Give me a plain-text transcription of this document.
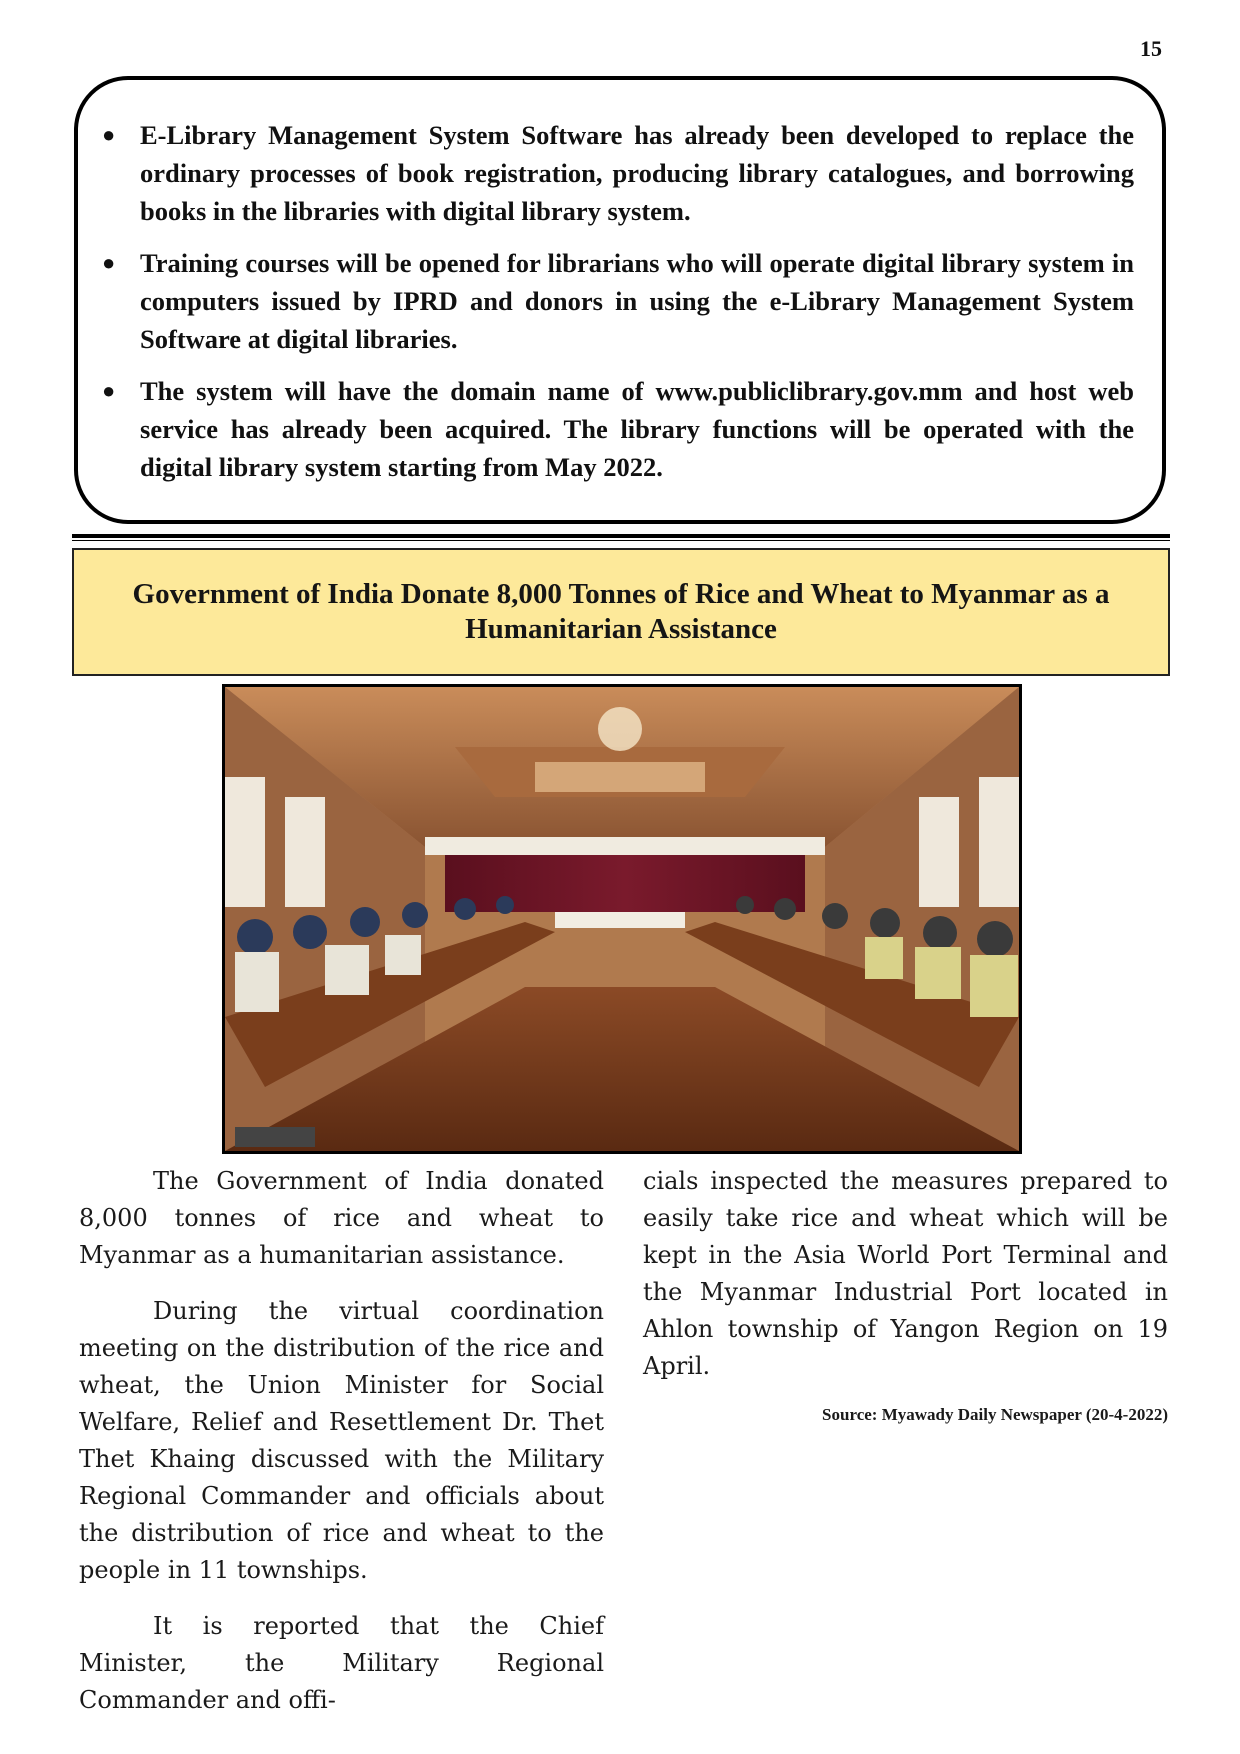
15
● E-Library Management System Software has already been developed to replace the ordinary processes of book registration, producing library catalogues, and borrowing books in the libraries with digital library system.
● Training courses will be opened for librarians who will operate digital library system in computers issued by IPRD and donors in using the e-Library Management System Software at digital libraries.
● The system will have the domain name of www.publiclibrary.gov.mm and host web service has already been acquired. The library functions will be operated with the digital library system starting from May 2022.
Government of India Donate 8,000 Tonnes of Rice and Wheat to Myanmar as a Humanitarian Assistance

The Government of India donated 8,000 tonnes of rice and wheat to Myanmar as a humanitarian assistance.

During the virtual coordination meeting on the distribution of the rice and wheat, the Union Minister for Social Welfare, Relief and Resettlement Dr. Thet Thet Khaing discussed with the Military Regional Commander and officials about the distribution of rice and wheat to the people in 11 townships.

It is reported that the Chief Minister, the Military Regional Commander and offi-

cials inspected the measures prepared to easily take rice and wheat which will be kept in the Asia World Port Terminal and the Myanmar Industrial Port located in Ahlon township of Yangon Region on 19 April.

Source: Myawady Daily Newspaper (20-4-2022)
